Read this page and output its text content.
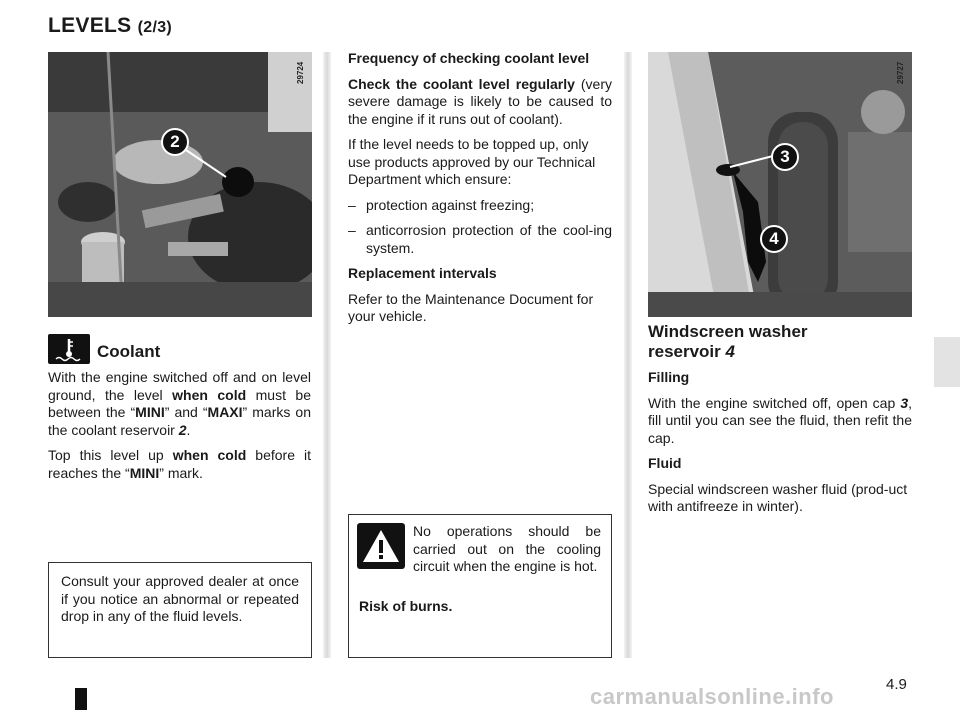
LEVELS (2/3)
29724
2
Coolant

With the engine switched off and on level ground, the level when cold must be between the “MINI” and “MAXI” marks on the coolant reservoir 2.

Top this level up when cold before it reaches the “MINI” mark.

Consult your approved dealer at once if you notice an abnormal or repeated drop in any of the fluid levels.

Frequency of checking coolant level

Check the coolant level regularly (very severe damage is likely to be caused to the engine if it runs out of coolant).

If the level needs to be topped up, only use products approved by our Technical Department which ensure:

– protection against freezing;
– anticorrosion protection of the cool-ing system.

Replacement intervals

Refer to the Maintenance Document for your vehicle.

No operations should be carried out on the cooling circuit when the engine is hot.
Risk of burns.
29727
3
4
Windscreen washer
reservoir 4

Filling

With the engine switched off, open cap 3, fill until you can see the fluid, then refit the cap.

Fluid

Special windscreen washer fluid (prod-uct with antifreeze in winter).

4.9
carmanualsonline.info
